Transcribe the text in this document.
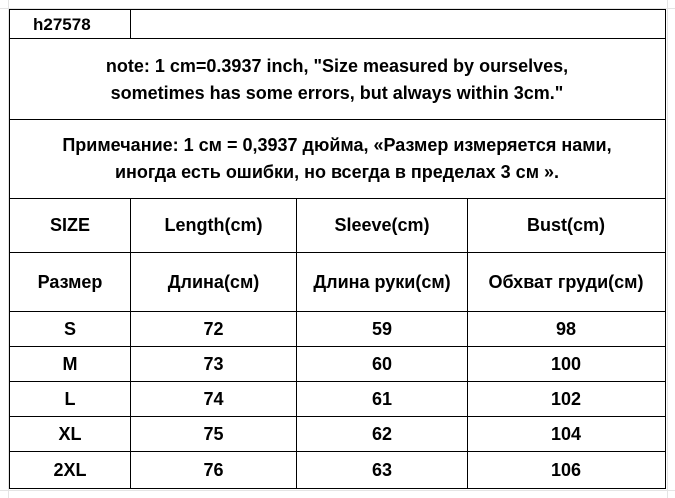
h27578
note: 1 cm=0.3937 inch, "Size measured by ourselves,
sometimes has some errors, but always within 3cm."
Примечание: 1 см = 0,3937 дюйма, «Размер измеряется нами,
иногда есть ошибки, но всегда в пределах 3 см ».
SIZE	Length(cm)	Sleeve(cm)	Bust(cm)
Размер	Длина(см)	Длина руки(см)	Обхват груди(см)
S	72	59	98
M	73	60	100
L	74	61	102
XL	75	62	104
2XL	76	63	106
